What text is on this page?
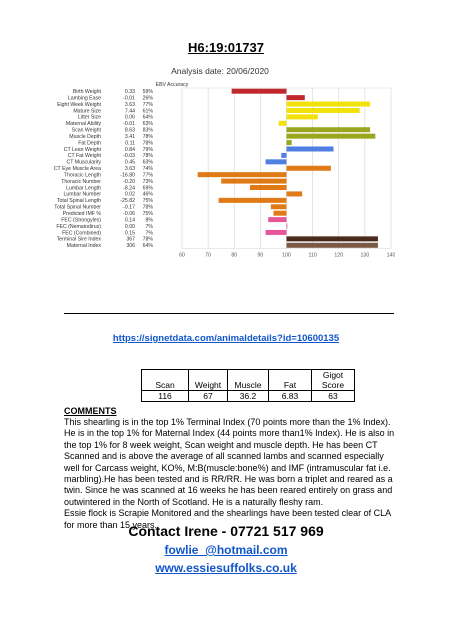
H6:19:01737
Analysis date: 20/06/2020
EBV Accuracy
60	70	80	90	100	110	120	130	140
Birth Weight	0.33 59%
Lambing Ease	-0.01 26%
Eight Week Weight	3.63 77%
Mature Size	7.44 61%
Litter Size	0.06 64%
Maternal Ability	-0.01 63%
Scan Weight	8.63 83%
Muscle Depth	3.41 78%
Fat Depth	0.11 78%
CT Lean Weight	0.84 79%
CT Fat Weight	-0.03 78%
CT Muscularity	0.45 63%
CT Eye Muscle Area	3.63 74%
Thoracic Length	-16.80 77%
Thoracic Number	-0.20 73%
Lumbar Length	-8.24 69%
Lumbar Number	0.02 46%
Total Spinal Length	-25.82 75%
Total Spinal Number	-0.17 78%
Predicted IMF %	-0.06 75%
FEC (Strongyles)	0.14 8%
FEC (Nematodirus)	0.00 7%
FEC (Combined)	0.15 7%
Terminal Sire Index	367 78%
Maternal Index	306 64%
https://signetdata.com/animaldetails?id=10600135
Scan	Weight	Muscle	Fat	Gigot
Score

116	67	36.2	6.83	63
COMMENTS
This shearling is in the top 1% Terminal Index (70 points more than the 1% Index). He is in the top 1% for Maternal Index (44 points more than1% Index). He is also in the top 1% for 8 week weight, Scan weight and muscle depth. He has been CT Scanned and is above the average of all scanned lambs and scanned especially well for Carcass weight, KO%, M:B(muscle:bone%) and IMF (intramuscular fat i.e. marbling).He has been tested and is RR/RR. He was born a triplet and reared as a twin. Since he was scanned at 16 weeks he has been reared entirely on grass and outwintered in the North of Scotland. He is a naturally fleshy ram.
Essie flock is Scrapie Monitored and the shearlings have been tested clear of CLA for more than 15 years.
Contact Irene - 07721 517 969
fowlie_@hotmail.com
www.essiesuffolks.co.uk
